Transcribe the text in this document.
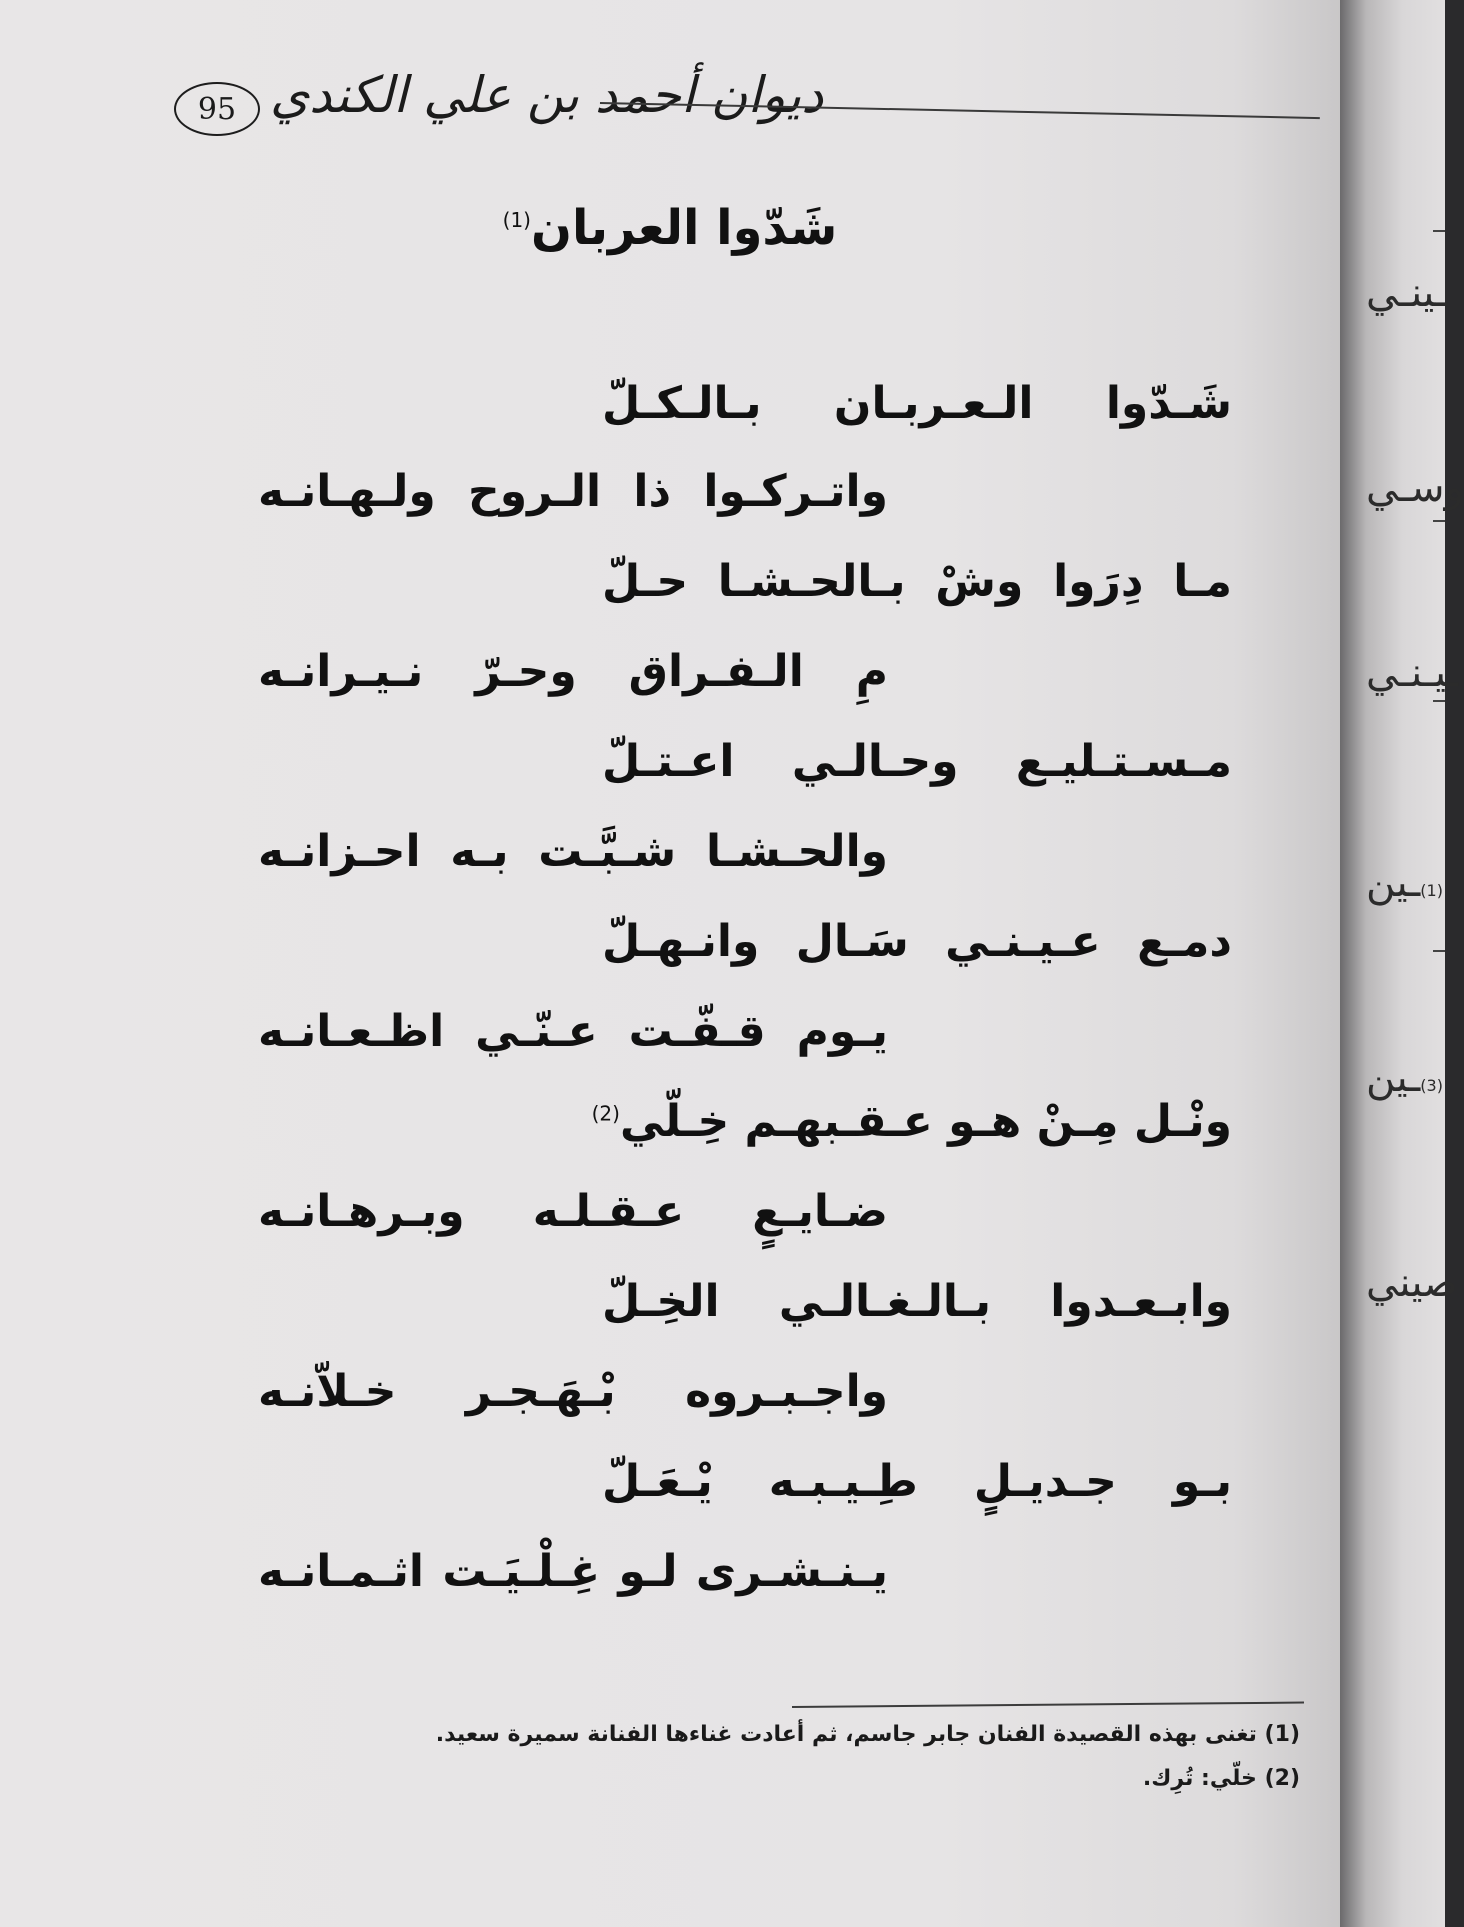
95 ديوان أحمد بن علي الكندي
شَدّوا العربان$^{(1)}$
شَـدّوا الـعـربـان بـالـكـلّ
واتـركـوا ذا الـروح ولـهـانـه
مـا دِرَوا وشْ بـالحـشـا حـلّ
مِ الـفـراق وحـرّ نـيـرانـه
مـسـتـليـع وحـالـي اعـتـلّ
والحـشـا شـبَّـت بـه احـزانـه
دمـع عـيـنـي سَـال وانـهـلّ
يـوم قـفّـت عـنّـي اظـعـانـه
ونْـل مِـنْ هـو عـقـبهـم خِـلّي$^{(2)}$
ضـايـعٍ عـقـلـه وبـرهـانـه
وابـعـدوا بـالـغـالـي الخِـلّ
واجـبـروه بْـهَـجـر خـلاّنـه
بـو جـديـلٍ طِـيـبـه يْـعَـلّ
يـنـشـرى لـو غِـلْـيَـت اثـمـانـه
(1) تغنى بهذه القصيدة الفنان جابر جاسم، ثم أعادت غناءها الفنانة سميرة سعيد.
(2) خلّي: تُرِك.
ـينـي
وسـي
ـيـنـي
(1)ـين
(3)ـين
صيني
